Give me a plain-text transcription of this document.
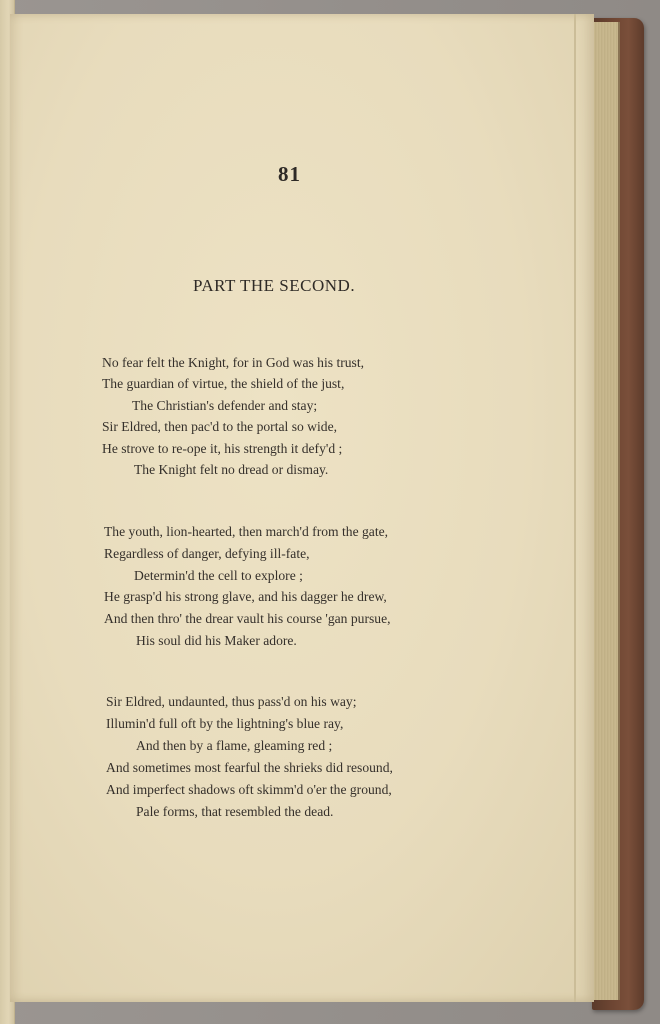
81
PART THE SECOND.
No fear felt the Knight, for in God was his trust,
The guardian of virtue, the shield of the just,
The Christian's defender and stay;
Sir Eldred, then pac'd to the portal so wide,
He strove to re-ope it, his strength it defy'd ;
The Knight felt no dread or dismay.
The youth, lion-hearted, then march'd from the gate,
Regardless of danger, defying ill-fate,
Determin'd the cell to explore ;
He grasp'd his strong glave, and his dagger he drew,
And then thro' the drear vault his course 'gan pursue,
His soul did his Maker adore.
Sir Eldred, undaunted, thus pass'd on his way;
Illumin'd full oft by the lightning's blue ray,
And then by a flame, gleaming red ;
And sometimes most fearful the shrieks did resound,
And imperfect shadows oft skimm'd o'er the ground,
Pale forms, that resembled the dead.
